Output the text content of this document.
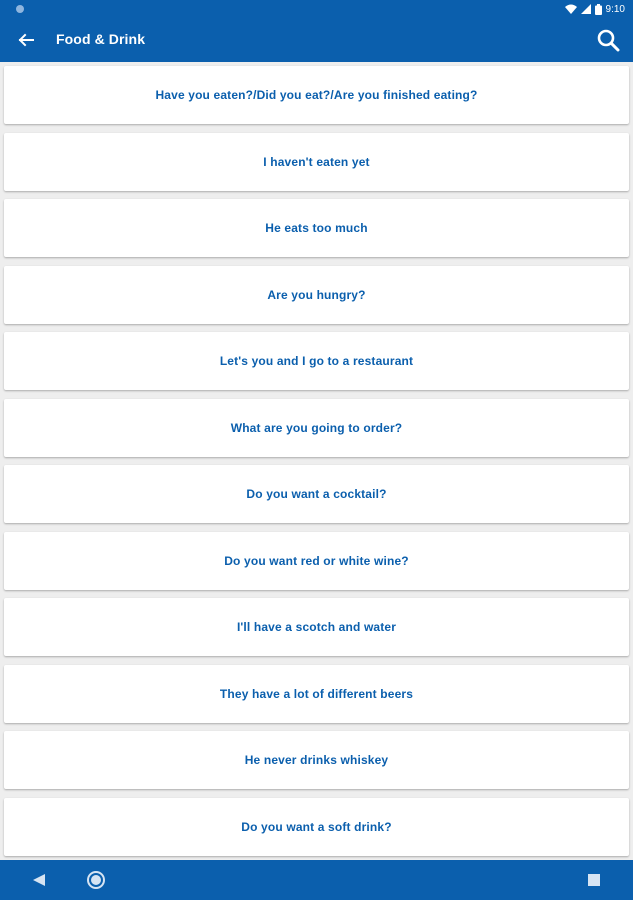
9:10
Food & Drink
Have you eaten?/Did you eat?/Are you finished eating?
I haven't eaten yet
He eats too much
Are you hungry?
Let's you and I go to a restaurant
What are you going to order?
Do you want a cocktail?
Do you want red or white wine?
I'll have a scotch and water
They have a lot of different beers
He never drinks whiskey
Do you want a soft drink?
